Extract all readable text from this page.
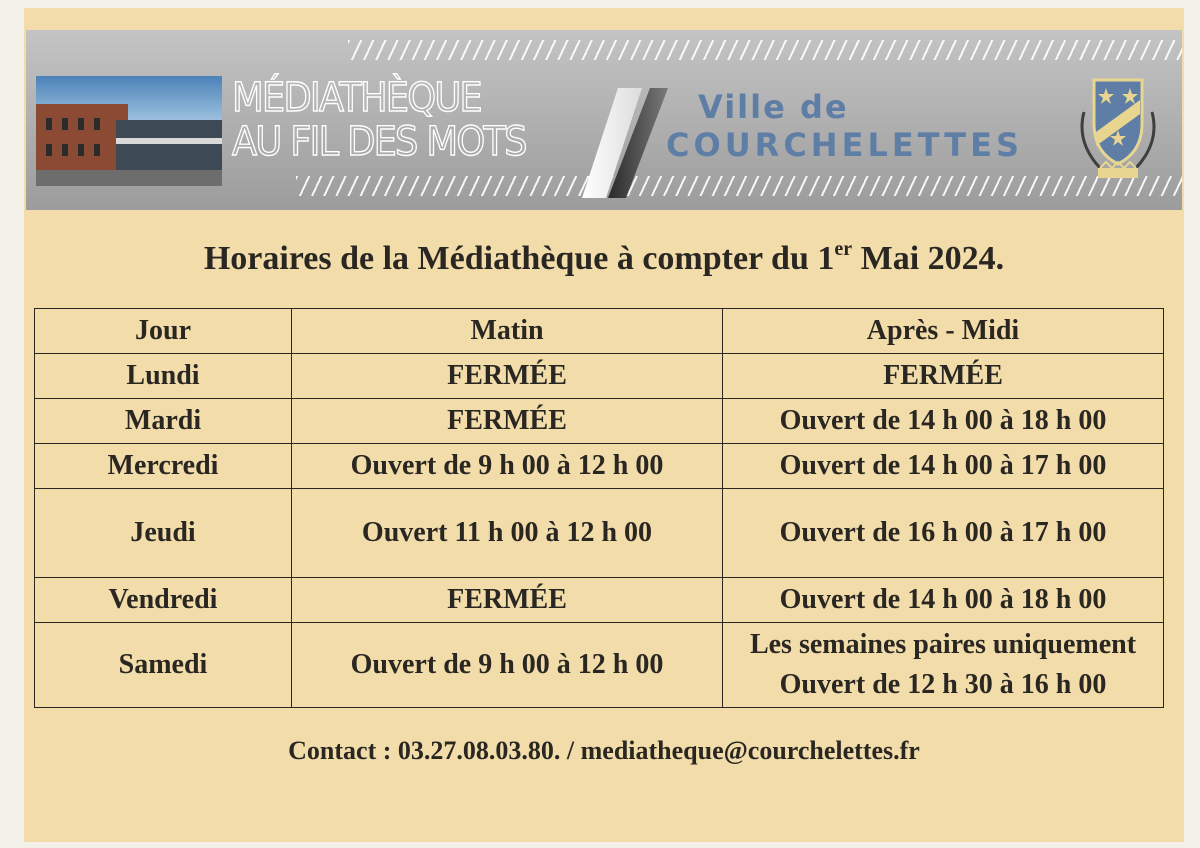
MÉDIATHÈQUE
AU FIL DES MOTS
Ville de
COURCHELETTES
Horaires de la Médiathèque à compter du 1er Mai 2024.
Jour	Matin	Après - Midi
Lundi	FERMÉE	FERMÉE
Mardi	FERMÉE	Ouvert de 14 h 00 à 18 h 00
Mercredi	Ouvert de 9 h 00 à 12 h 00	Ouvert de 14 h 00 à 17 h 00
Jeudi	Ouvert 11 h 00 à 12 h 00	Ouvert de 16 h 00 à 17 h 00
Vendredi	FERMÉE	Ouvert de 14 h 00 à 18 h 00
Samedi	Ouvert de 9 h 00 à 12 h 00	Les semaines paires uniquement
Ouvert de 12 h 30 à 16 h 00
Contact : 03.27.08.03.80. / mediatheque@courchelettes.fr
